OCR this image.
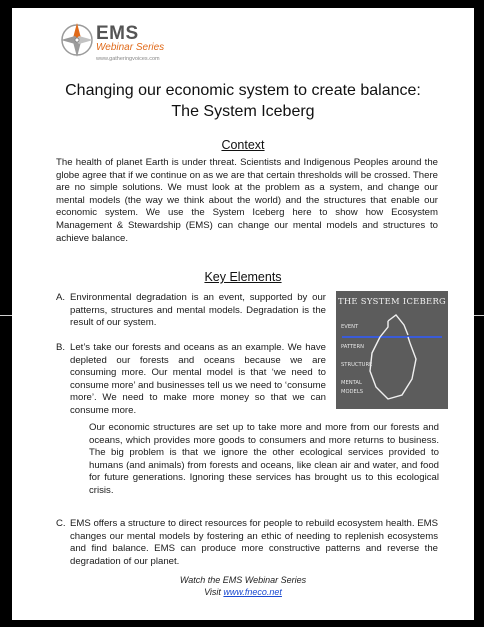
EMS
Webinar Series
www.gatheringvoices.com
Changing our economic system to create balance:
The System Iceberg
Context
The health of planet Earth is under threat. Scientists and Indigenous Peoples around the globe agree that if we continue on as we are that certain thresholds will be crossed. There are no simple solutions. We must look at the problem as a system, and change our mental models (the way we think about the world) and the structures that enable our economic system. We use the System Iceberg here to show how Ecosystem Management & Stewardship (EMS) can change our mental models and structures to achieve balance.
Key Elements
A. Environmental degradation is an event, supported by our patterns, structures and mental models. Degradation is the result of our system.
B. Let’s take our forests and oceans as an example. We have depleted our forests and oceans because we are consuming more. Our mental model is that ‘we need to consume more’ and businesses tell us we need to ‘consume more’. We need to make more money so that we can consume more.
Our economic structures are set up to take more and more from our forests and oceans, which provides more goods to consumers and more returns to business. The big problem is that we ignore the other ecological services provided to humans (and animals) from forests and oceans, like clean air and water, and food for future generations. Ignoring these services has brought us to this ecological crisis.
C. EMS offers a structure to direct resources for people to rebuild ecosystem health. EMS changes our mental models by fostering an ethic of needing to replenish ecosystems and find balance. EMS can produce more constructive patterns and reverse the degradation of our planet.
THE SYSTEM ICEBERG
EVENT
PATTERN
STRUCTURE
MENTAL
MODELS
Watch the EMS Webinar Series
Visit www.fneco.net
